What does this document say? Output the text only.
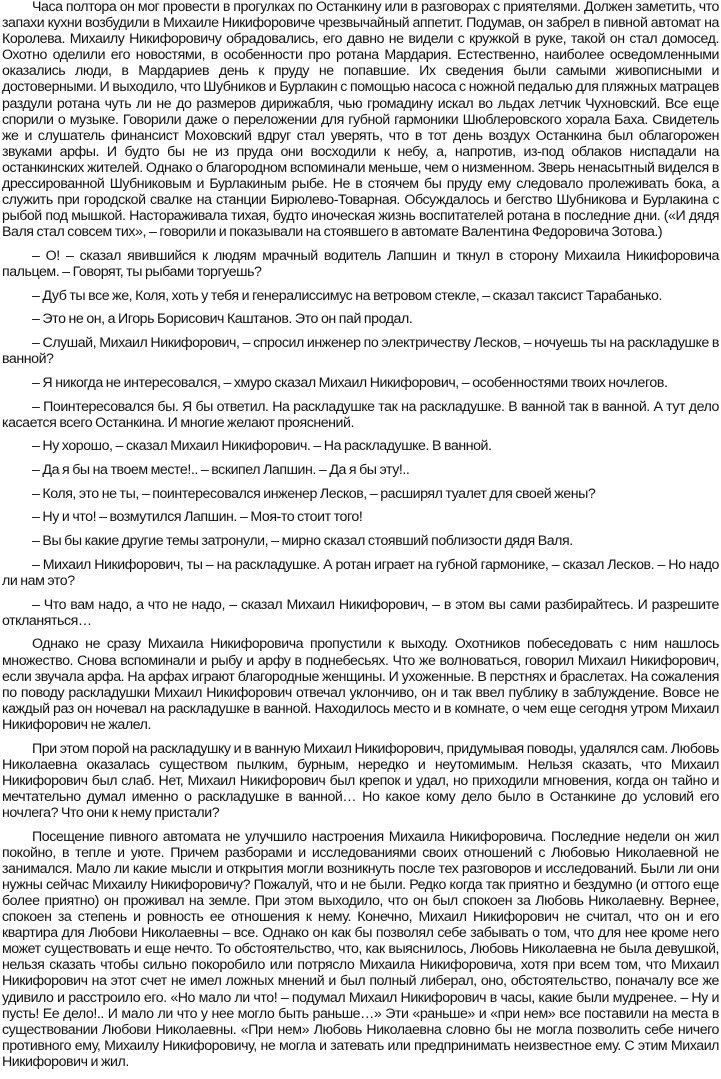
Часа полтора он мог провести в прогулках по Останкину или в разговорах с приятелями. Должен заметить, что запахи кухни возбудили в Михаиле Никифоровиче чрезвычайный аппетит. Подумав, он забрел в пивной автомат на Королева. Михаилу Никифоровичу обрадовались, его давно не видели с кружкой в руке, такой он стал домосед. Охотно оделили его новостями, в особенности про ротана Мардария. Естественно, наиболее осведомленными оказались люди, в Мардариев день к пруду не попавшие. Их сведения были самыми живописными и достоверными. И выходило, что Шубников и Бурлакин с помощью насоса с ножной педалью для пляжных матрацев раздули ротана чуть ли не до размеров дирижабля, чью громадину искал во льдах летчик Чухновский. Все еще спорили о музыке. Говорили даже о переложении для губной гармоники Шюблеровского хорала Баха. Свидетель же и слушатель финансист Моховский вдруг стал уверять, что в тот день воздух Останкина был облагорожен звуками арфы. И будто бы не из пруда они восходили к небу, а, напротив, из-под облаков ниспадали на останкинских жителей. Однако о благородном вспоминали меньше, чем о низменном. Зверь ненасытный виделся в дрессированной Шубниковым и Бурлакиным рыбе. Не в стоячем бы пруду ему следовало пролеживать бока, а служить при городской свалке на станции Бирюлево-Товарная. Обсуждалось и бегство Шубникова и Бурлакина с рыбой под мышкой. Настораживала тихая, будто иноческая жизнь воспитателей ротана в последние дни. («И дядя Валя стал совсем тих», – говорили и показывали на стоявшего в автомате Валентина Федоровича Зотова.)

– О! – сказал явившийся к людям мрачный водитель Лапшин и ткнул в сторону Михаила Никифоровича пальцем. – Говорят, ты рыбами торгуешь?

– Дуб ты все же, Коля, хоть у тебя и генералиссимус на ветровом стекле, – сказал таксист Тарабанько.

– Это не он, а Игорь Борисович Каштанов. Это он пай продал.

– Слушай, Михаил Никифорович, – спросил инженер по электричеству Лесков, – ночуешь ты на раскладушке в ванной?

– Я никогда не интересовался, – хмуро сказал Михаил Никифорович, – особенностями твоих ночлегов.

– Поинтересовался бы. Я бы ответил. На раскладушке так на раскладушке. В ванной так в ванной. А тут дело касается всего Останкина. И многие желают прояснений.

– Ну хорошо, – сказал Михаил Никифорович. – На раскладушке. В ванной.

– Да я бы на твоем месте!.. – вскипел Лапшин. – Да я бы эту!..

– Коля, это не ты, – поинтересовался инженер Лесков, – расширял туалет для своей жены?

– Ну и что! – возмутился Лапшин. – Моя-то стоит того!

– Вы бы какие другие темы затронули, – мирно сказал стоявший поблизости дядя Валя.

– Михаил Никифорович, ты – на раскладушке. А ротан играет на губной гармонике, – сказал Лесков. – Но надо ли нам это?

– Что вам надо, а что не надо, – сказал Михаил Никифорович, – в этом вы сами разбирайтесь. И разрешите откланяться…

Однако не сразу Михаила Никифоровича пропустили к выходу. Охотников побеседовать с ним нашлось множество. Снова вспоминали и рыбу и арфу в поднебесьях. Что же волноваться, говорил Михаил Никифорович, если звучала арфа. На арфах играют благородные женщины. И ухоженные. В перстнях и браслетах. На сожаления по поводу раскладушки Михаил Никифорович отвечал уклончиво, он и так ввел публику в заблуждение. Вовсе не каждый раз он ночевал на раскладушке в ванной. Находилось место и в комнате, о чем еще сегодня утром Михаил Никифорович не жалел.

При этом порой на раскладушку и в ванную Михаил Никифорович, придумывая поводы, удалялся сам. Любовь Николаевна оказалась существом пылким, бурным, нередко и неутомимым. Нельзя сказать, что Михаил Никифорович был слаб. Нет, Михаил Никифорович был крепок и удал, но приходили мгновения, когда он тайно и мечтательно думал именно о раскладушке в ванной… Но какое кому дело было в Останкине до условий его ночлега? Что они к нему пристали?

Посещение пивного автомата не улучшило настроения Михаила Никифоровича. Последние недели он жил покойно, в тепле и уюте. Причем разборами и исследованиями своих отношений с Любовью Николаевной не занимался. Мало ли какие мысли и открытия могли возникнуть после тех разговоров и исследований. Были ли они нужны сейчас Михаилу Никифоровичу? Пожалуй, что и не были. Редко когда так приятно и бездумно (и оттого еще более приятно) он проживал на земле. При этом выходило, что он был спокоен за Любовь Николаевну. Вернее, спокоен за степень и ровность ее отношения к нему. Конечно, Михаил Никифорович не считал, что он и его квартира для Любови Николаевны – все. Однако он как бы позволял себе забывать о том, что для нее кроме него может существовать и еще нечто. То обстоятельство, что, как выяснилось, Любовь Николаевна не была девушкой, нельзя сказать чтобы сильно покоробило или потрясло Михаила Никифоровича, хотя при всем том, что Михаил Никифорович на этот счет не имел ложных мнений и был полный либерал, оно, обстоятельство, поначалу все же удивило и расстроило его. «Но мало ли что! – подумал Михаил Никифорович в часы, какие были мудренее. – Ну и пусть! Ее дело!.. И мало ли что у нее могло быть раньше…» Эти «раньше» и «при нем» все поставили на места в существовании Любови Николаевны. «При нем» Любовь Николаевна словно бы не могла позволить себе ничего противного ему, Михаилу Никифоровичу, не могла и затевать или предпринимать неизвестное ему. С этим Михаил Никифорович и жил.
